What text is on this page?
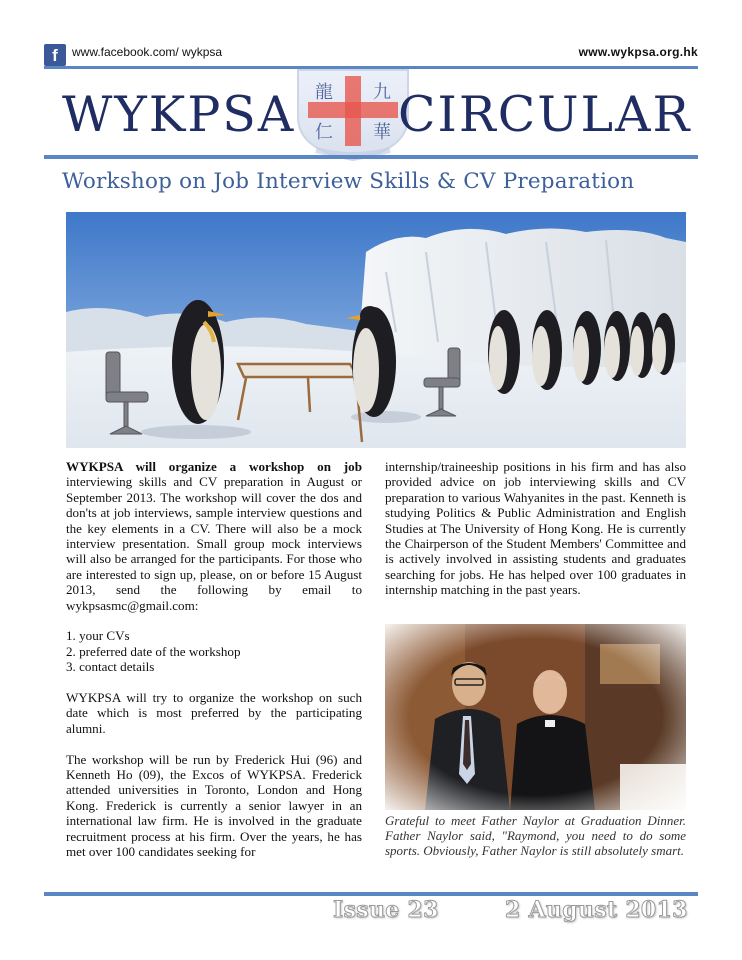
f	www.facebook.com/ wykpsa	www.wykpsa.org.hk
龍 九
仁 華
WYKPSA CIRCULAR
Workshop on Job Interview Skills & CV Preparation

WYKPSA will organize a workshop on job interviewing skills and CV preparation in August or September 2013. The workshop will cover the dos and don'ts at job interviews, sample interview questions and the key elements in a CV. There will also be a mock interview presentation. Small group mock interviews will also be arranged for the participants. For those who are interested to sign up, please, on or before 15 August 2013, send the following by email to wykpsasmc@gmail.com:

1. your CVs
2. preferred date of the workshop
3. contact details

WYKPSA will try to organize the workshop on such date which is most preferred by the participating alumni.

The workshop will be run by Frederick Hui (96) and Kenneth Ho (09), the Excos of WYKPSA. Frederick attended universities in Toronto, London and Hong Kong. Frederick is currently a senior lawyer in an international law firm. He is involved in the graduate recruitment process at his firm. Over the years, he has met over 100 candidates seeking for

internship/traineeship positions in his firm and has also provided advice on job interviewing skills and CV preparation to various Wahyanites in the past. Kenneth is studying Politics & Public Administration and English Studies at The University of Hong Kong. He is currently the Chairperson of the Student Members' Committee and is actively involved in assisting students and graduates searching for jobs. He has helped over 100 graduates in internship matching in the past years.
Grateful to meet Father Naylor at Graduation Dinner. Father Naylor said, "Raymond, you need to do some sports. Obviously, Father Naylor is still absolutely smart.
Issue 23	2 August 2013
